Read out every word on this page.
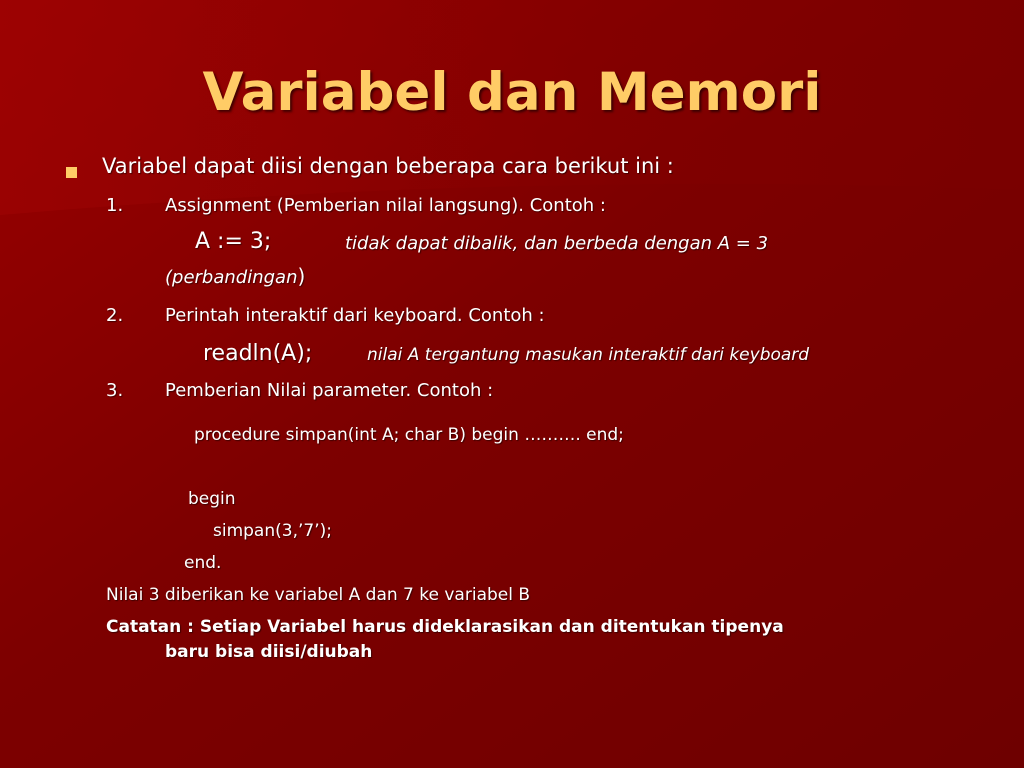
Variabel dan Memori
Variabel dapat diisi dengan beberapa cara berikut ini :
1. Assignment (Pemberian nilai langsung). Contoh :
A := 3;	tidak dapat dibalik, dan berbeda dengan A = 3
(perbandingan)
2. Perintah interaktif dari keyboard. Contoh :
readln(A);	nilai A tergantung masukan interaktif dari keyboard
3. Pemberian Nilai parameter. Contoh :
procedure simpan(int A; char B) begin ………. end;
begin
simpan(3,’7’);
end.
Nilai 3 diberikan ke variabel A dan 7 ke variabel B
Catatan : Setiap Variabel harus dideklarasikan dan ditentukan tipenya
baru bisa diisi/diubah
